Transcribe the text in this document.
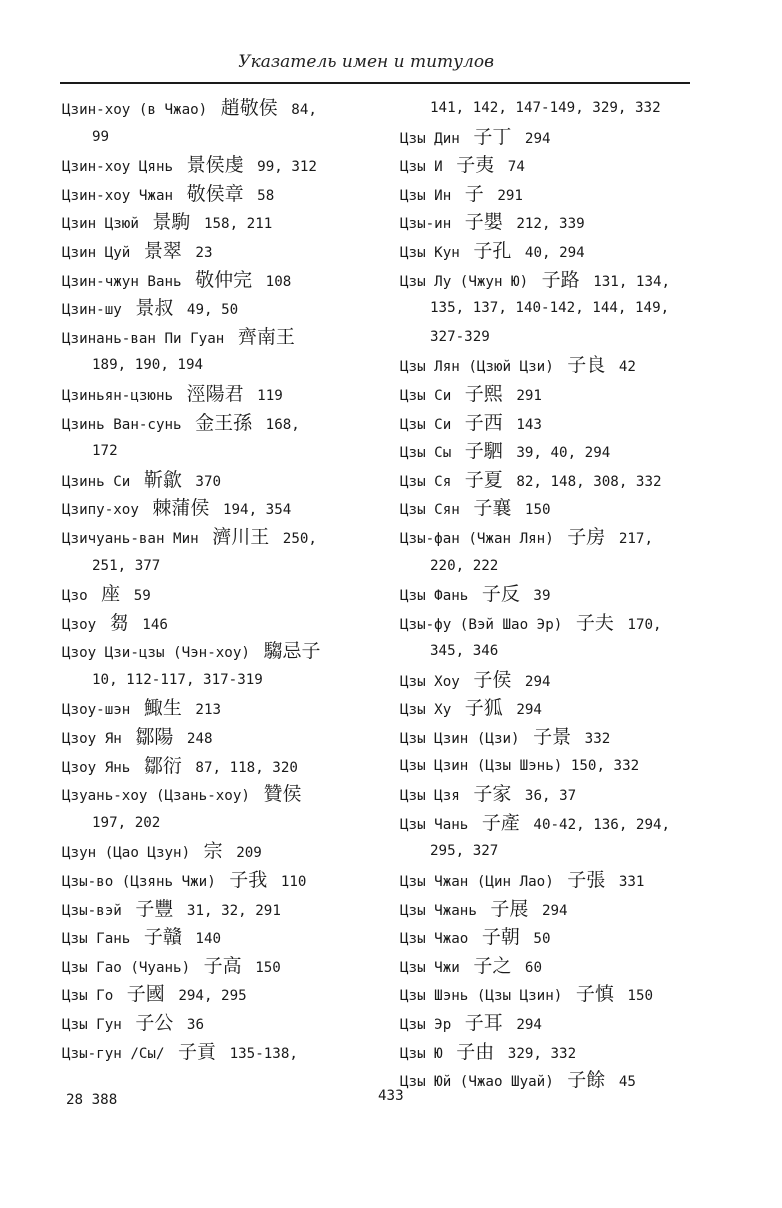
Указатель имен и титулов
Цзин-хоу (в Чжао) 趙敬侯 84,
99
Цзин-хоу Цянь 景侯虔 99, 312
Цзин-хоу Чжан 敬侯章 58
Цзин Цзюй 景駒 158, 211
Цзин Цуй 景翠 23
Цзин-чжун Вань 敬仲完 108
Цзин-шу 景叔 49, 50
Цзинань-ван Пи Гуан 齊南王
189, 190, 194
Цзиньян-цзюнь 涇陽君 119
Цзинь Ван-сунь 金王孫 168,
172
Цзинь Си 靳歙 370
Цзипу-хоу 棘蒲侯 194, 354
Цзичуань-ван Мин 濟川王 250,
251, 377
Цзо 座 59
Цзоу 芻 146
Цзоу Цзи-цзы (Чэн-хоу) 騶忌子
10, 112-117, 317-319
Цзоу-шэн 鯫生 213
Цзоу Ян 鄒陽 248
Цзоу Янь 鄒衍 87, 118, 320
Цзуань-хоу (Цзань-хоу) 贊侯
197, 202
Цзун (Цао Цзун) 宗 209
Цзы-во (Цзянь Чжи) 子我 110
Цзы-вэй 子豐 31, 32, 291
Цзы Гань 子贛 140
Цзы Гао (Чуань) 子高 150
Цзы Го 子國 294, 295
Цзы Гун 子公 36
Цзы-гун /Сы/ 子貢 135-138,
141, 142, 147-149, 329, 332
Цзы Дин 子丁 294
Цзы И 子夷 74
Цзы Ин 子 291
Цзы-ин 子嬰 212, 339
Цзы Кун 子孔 40, 294
Цзы Лу (Чжун Ю) 子路 131, 134,
135, 137, 140-142, 144, 149,
327-329
Цзы Лян (Цзюй Цзи) 子良 42
Цзы Си 子熙 291
Цзы Си 子西 143
Цзы Сы 子駟 39, 40, 294
Цзы Ся 子夏 82, 148, 308, 332
Цзы Сян 子襄 150
Цзы-фан (Чжан Лян) 子房 217,
220, 222
Цзы Фань 子反 39
Цзы-фу (Вэй Шао Эр) 子夫 170,
345, 346
Цзы Хоу 子侯 294
Цзы Ху 子狐 294
Цзы Цзин (Цзи) 子景 332
Цзы Цзин (Цзы Шэнь) 150, 332
Цзы Цзя 子家 36, 37
Цзы Чань 子產 40-42, 136, 294,
295, 327
Цзы Чжан (Цин Лао) 子張 331
Цзы Чжань 子展 294
Цзы Чжао 子朝 50
Цзы Чжи 子之 60
Цзы Шэнь (Цзы Цзин) 子慎 150
Цзы Эр 子耳 294
Цзы Ю 子由 329, 332
Цзы Юй (Чжао Шуай) 子餘 45
28 388	433
